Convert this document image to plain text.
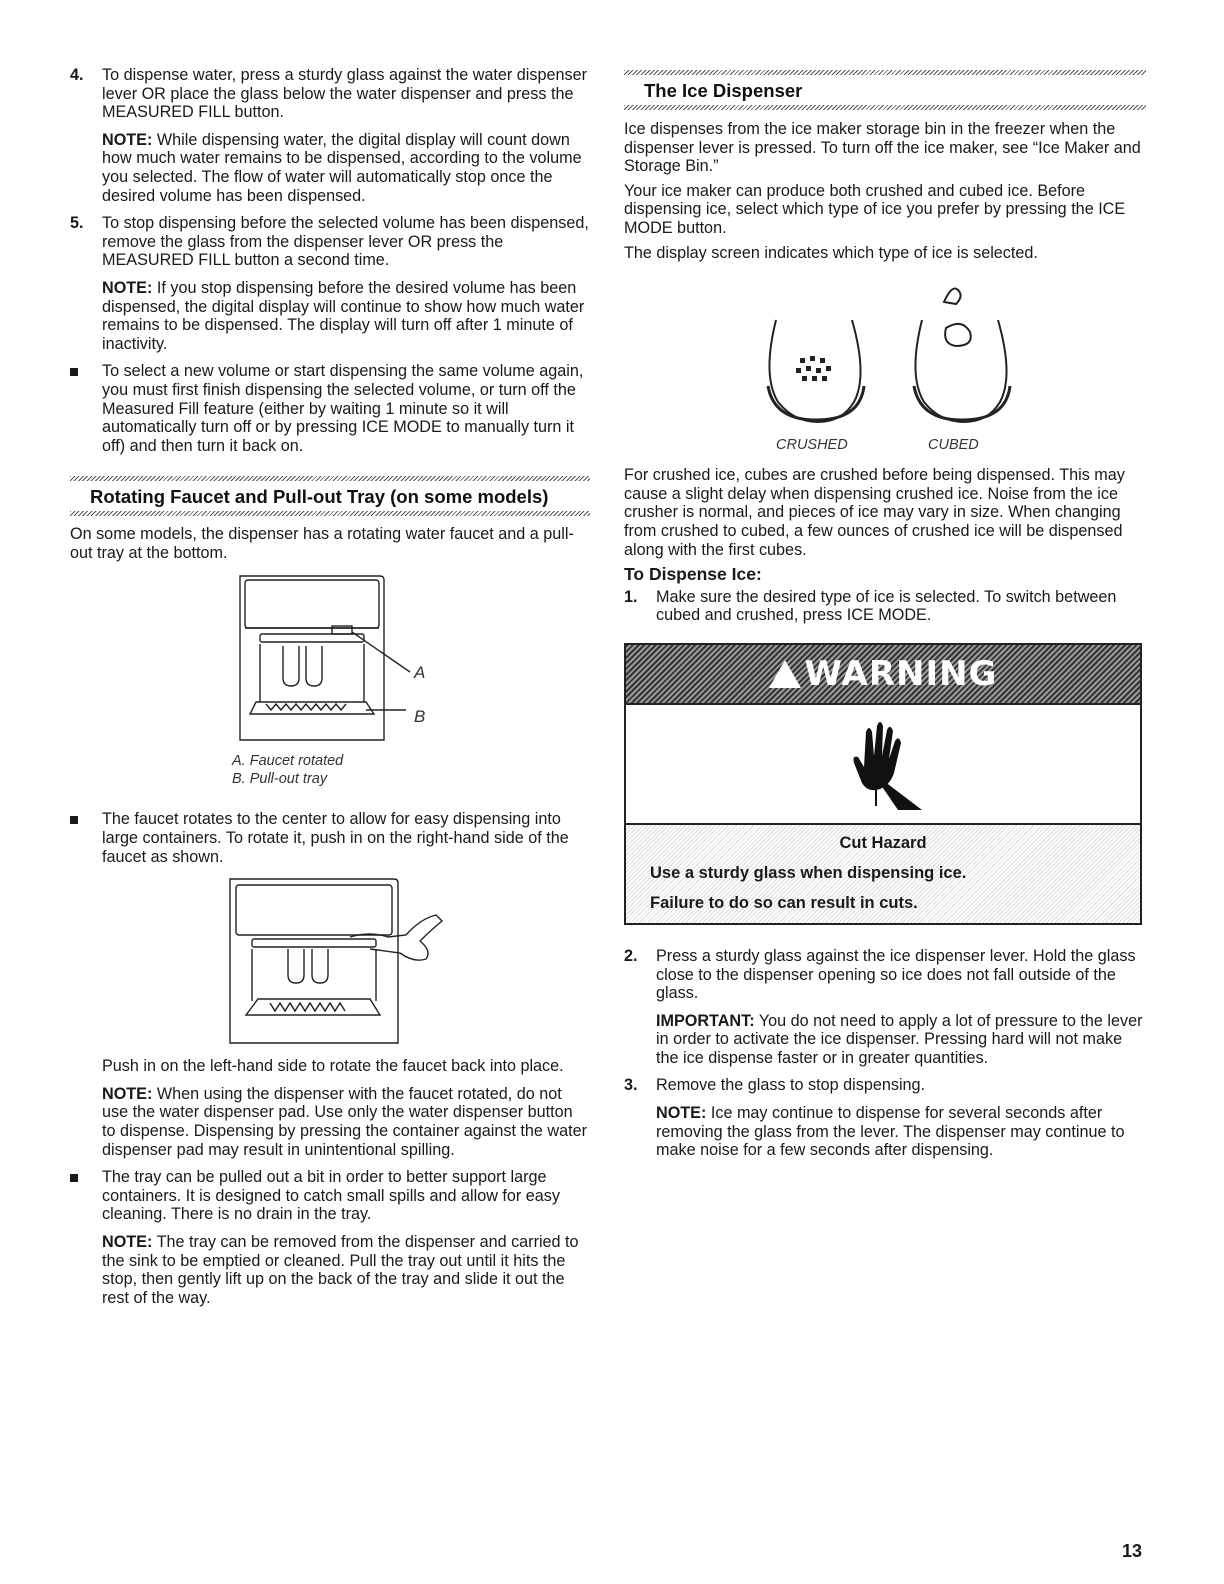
4. To dispense water, press a sturdy glass against the water dispenser lever OR place the glass below the water dispenser and press the MEASURED FILL button.

NOTE: While dispensing water, the digital display will count down how much water remains to be dispensed, according to the volume you selected. The flow of water will automatically stop once the desired volume has been dispensed.
5. To stop dispensing before the selected volume has been dispensed, remove the glass from the dispenser lever OR press the MEASURED FILL button a second time.

NOTE: If you stop dispensing before the desired volume has been dispensed, the digital display will continue to show how much water remains to be dispensed. The display will turn off after 1 minute of inactivity.

To select a new volume or start dispensing the same volume again, you must first finish dispensing the selected volume, or turn off the Measured Fill feature (either by waiting 1 minute so it will automatically turn off or by pressing ICE MODE to manually turn it off) and then turn it back on.

Rotating Faucet and Pull-out Tray (on some models)

On some models, the dispenser has a rotating water faucet and a pull-out tray at the bottom.

A
B
A. Faucet rotated
B. Pull-out tray

The faucet rotates to the center to allow for easy dispensing into large containers. To rotate it, push in on the right-hand side of the faucet as shown.

Push in on the left-hand side to rotate the faucet back into place.

NOTE: When using the dispenser with the faucet rotated, do not use the water dispenser pad. Use only the water dispenser button to dispense. Dispensing by pressing the container against the water dispenser pad may result in unintentional spilling.

The tray can be pulled out a bit in order to better support large containers. It is designed to catch small spills and allow for easy cleaning. There is no drain in the tray.

NOTE: The tray can be removed from the dispenser and carried to the sink to be emptied or cleaned. Pull the tray out until it hits the stop, then gently lift up on the back of the tray and slide it out the rest of the way.
The Ice Dispenser

Ice dispenses from the ice maker storage bin in the freezer when the dispenser lever is pressed. To turn off the ice maker, see “Ice Maker and Storage Bin.”

Your ice maker can produce both crushed and cubed ice. Before dispensing ice, select which type of ice you prefer by pressing the ICE MODE button.

The display screen indicates which type of ice is selected.

CRUSHED	CUBED

For crushed ice, cubes are crushed before being dispensed. This may cause a slight delay when dispensing crushed ice. Noise from the ice crusher is normal, and pieces of ice may vary in size. When changing from crushed to cubed, a few ounces of crushed ice will be dispensed along with the first cubes.

To Dispense Ice:
1. Make sure the desired type of ice is selected. To switch between cubed and crushed, press ICE MODE.

WARNING
Cut Hazard
Use a sturdy glass when dispensing ice.
Failure to do so can result in cuts.
2. Press a sturdy glass against the ice dispenser lever. Hold the glass close to the dispenser opening so ice does not fall outside of the glass.

IMPORTANT: You do not need to apply a lot of pressure to the lever in order to activate the ice dispenser. Pressing hard will not make the ice dispense faster or in greater quantities.
3. Remove the glass to stop dispensing.

NOTE: Ice may continue to dispense for several seconds after removing the glass from the lever. The dispenser may continue to make noise for a few seconds after dispensing.
13
